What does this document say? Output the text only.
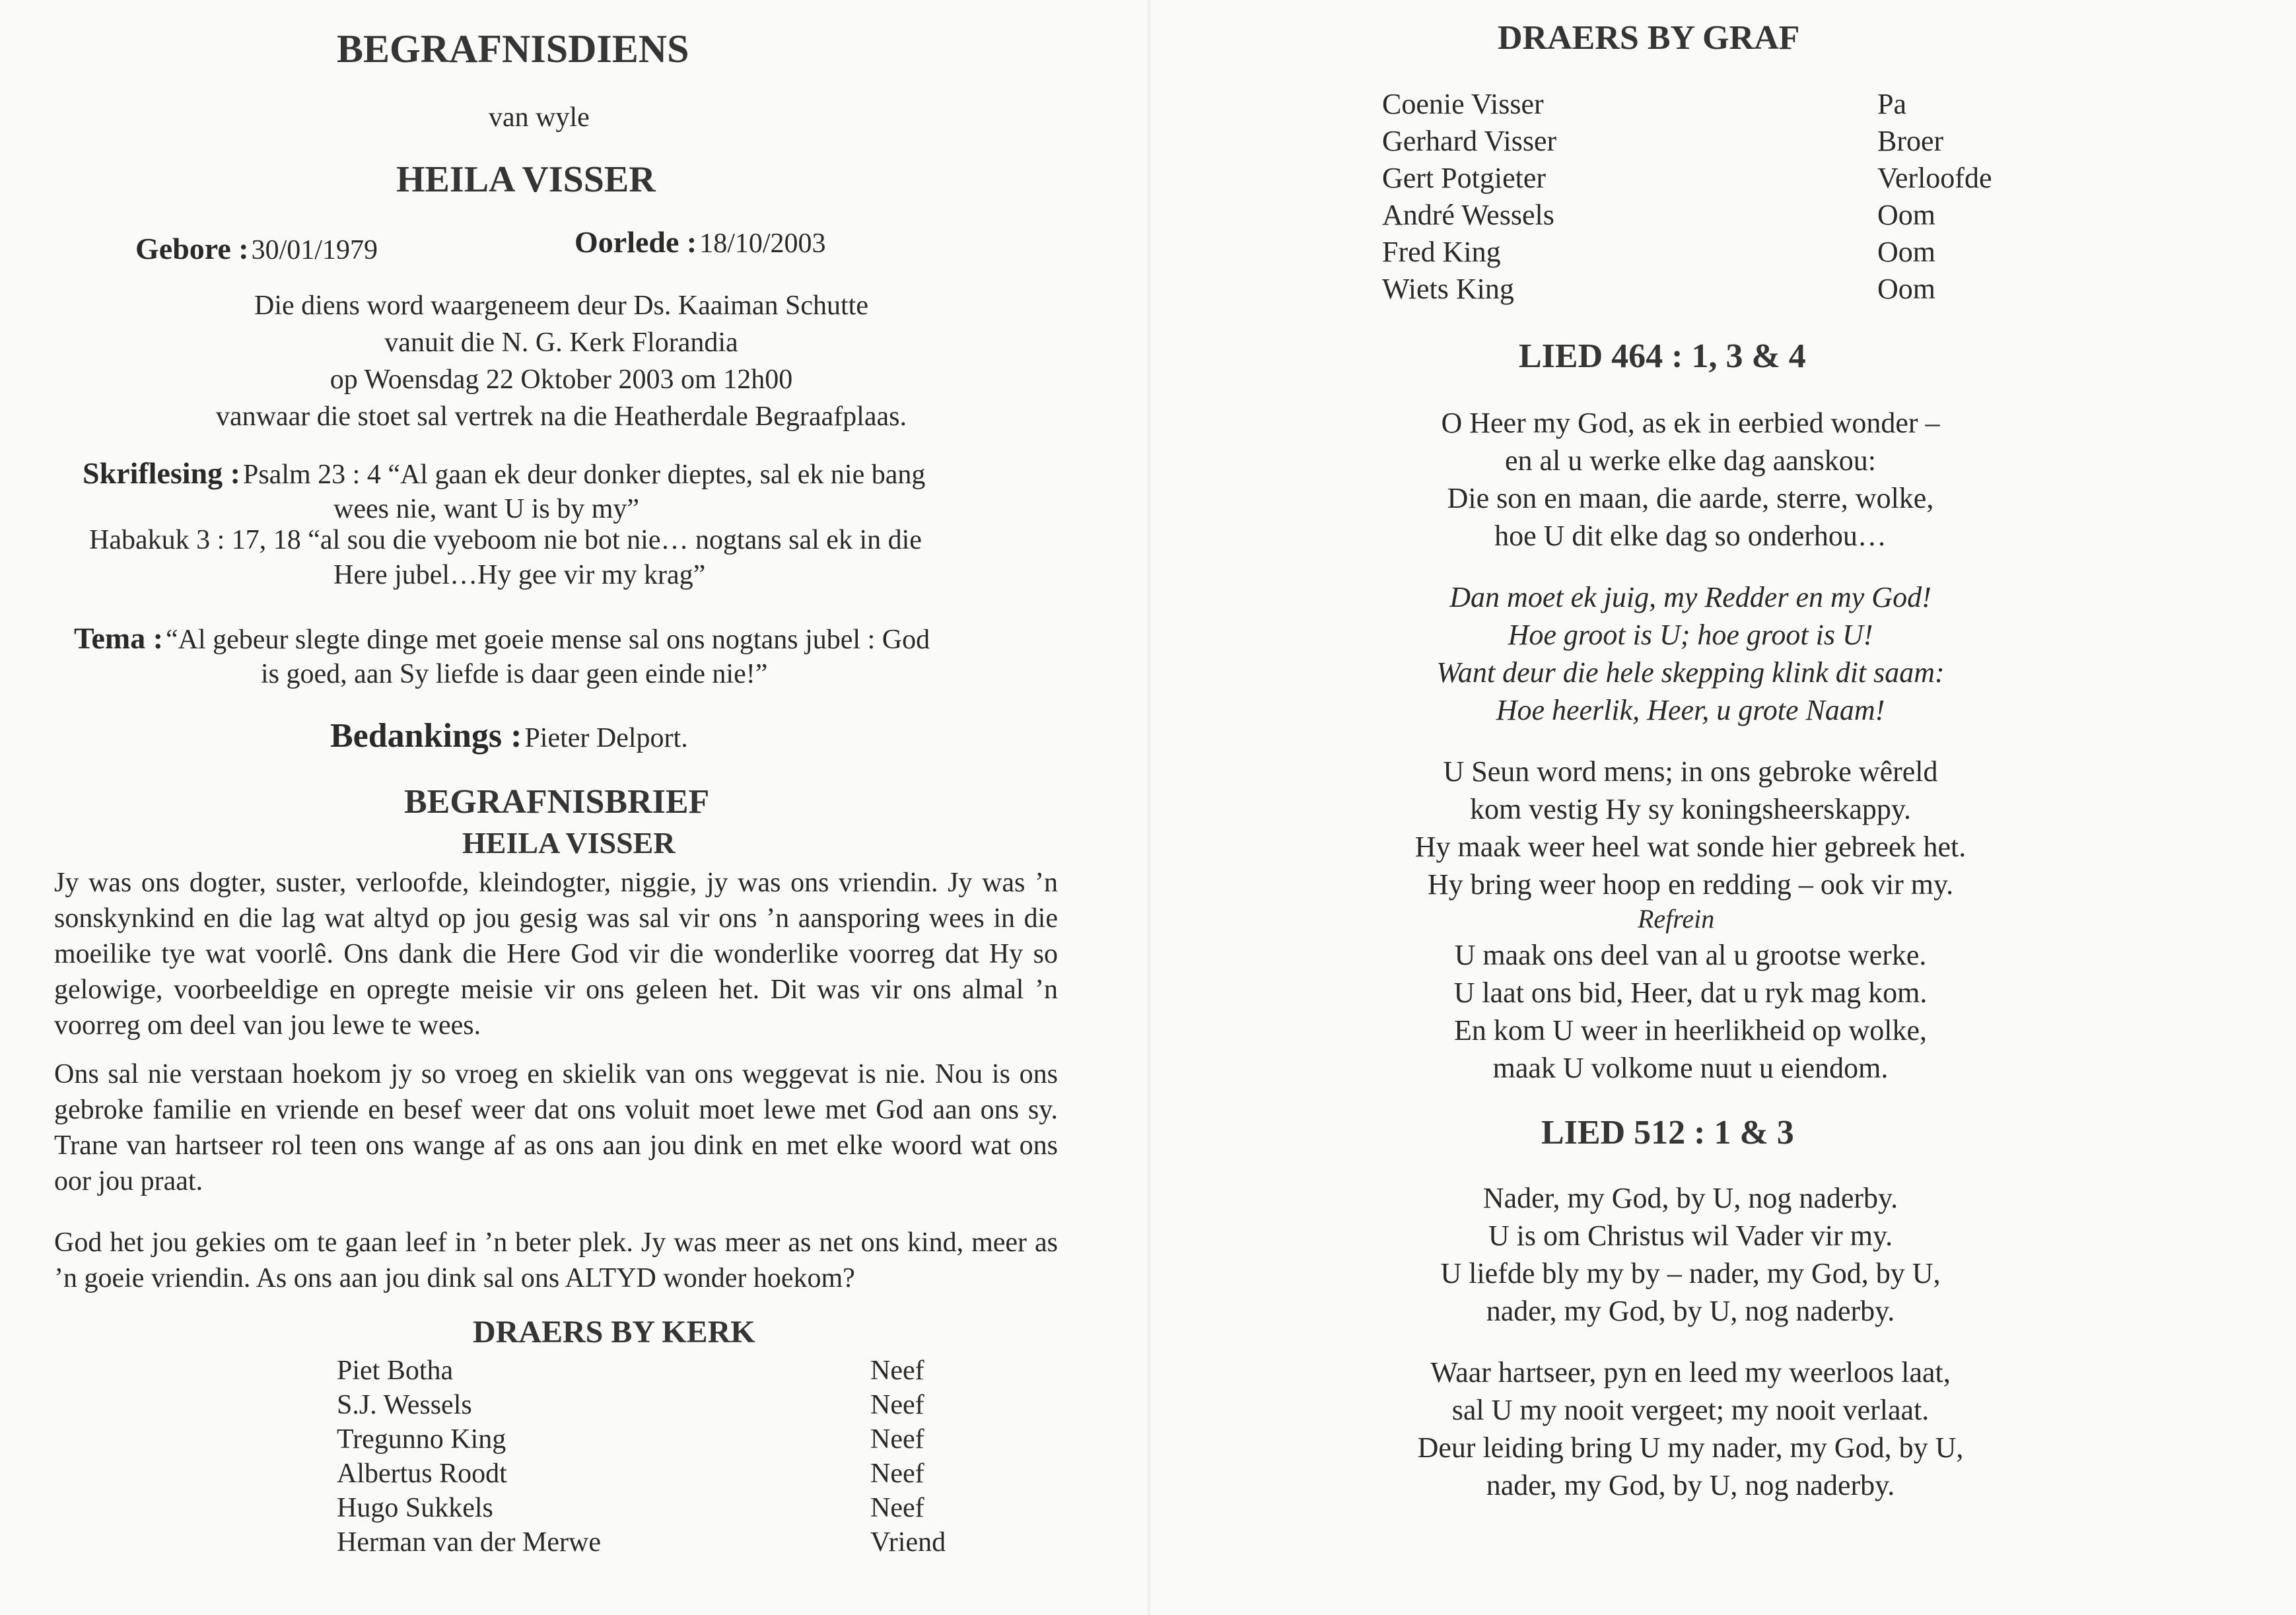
BEGRAFNISDIENS
van wyle
HEILA VISSER
Gebore : 30/01/1979	Oorlede : 18/10/2003
Die diens word waargeneem deur Ds. Kaaiman Schutte
vanuit die N. G. Kerk Florandia
op Woensdag 22 Oktober 2003 om 12h00
vanwaar die stoet sal vertrek na die Heatherdale Begraafplaas.
Skriflesing : Psalm 23 : 4 “Al gaan ek deur donker dieptes, sal ek nie bang
wees nie, want U is by my”
Habakuk 3 : 17, 18 “al sou die vyeboom nie bot nie… nogtans sal ek in die
Here jubel…Hy gee vir my krag”
Tema : “Al gebeur slegte dinge met goeie mense sal ons nogtans jubel : God
is goed, aan Sy liefde is daar geen einde nie!”
Bedankings : Pieter Delport.
BEGRAFNISBRIEF
HEILA VISSER
Jy was ons dogter, suster, verloofde, kleindogter, niggie, jy was ons vriendin. Jy was ’n sonskynkind en die lag wat altyd op jou gesig was sal vir ons ’n aansporing wees in die moeilike tye wat voorlê. Ons dank die Here God vir die wonderlike voorreg dat Hy so gelowige, voorbeeldige en opregte meisie vir ons geleen het. Dit was vir ons almal ’n voorreg om deel van jou lewe te wees.
Ons sal nie verstaan hoekom jy so vroeg en skielik van ons weggevat is nie. Nou is ons gebroke familie en vriende en besef weer dat ons voluit moet lewe met God aan ons sy. Trane van hartseer rol teen ons wange af as ons aan jou dink en met elke woord wat ons oor jou praat.
God het jou gekies om te gaan leef in ’n beter plek. Jy was meer as net ons kind, meer as ’n goeie vriendin. As ons aan jou dink sal ons ALTYD wonder hoekom?
DRAERS BY KERK
Piet Botha	Neef
S.J. Wessels	Neef
Tregunno King	Neef
Albertus Roodt	Neef
Hugo Sukkels	Neef
Herman van der Merwe	Vriend
DRAERS BY GRAF
Coenie Visser	Pa
Gerhard Visser	Broer
Gert Potgieter	Verloofde
André Wessels	Oom
Fred King	Oom
Wiets King	Oom
LIED 464 : 1, 3 & 4
O Heer my God, as ek in eerbied wonder –
en al u werke elke dag aanskou:
Die son en maan, die aarde, sterre, wolke,
hoe U dit elke dag so onderhou…
Dan moet ek juig, my Redder en my God!
Hoe groot is U; hoe groot is U!
Want deur die hele skepping klink dit saam:
Hoe heerlik, Heer, u grote Naam!
U Seun word mens; in ons gebroke wêreld
kom vestig Hy sy koningsheerskappy.
Hy maak weer heel wat sonde hier gebreek het.
Hy bring weer hoop en redding – ook vir my.
Refrein
U maak ons deel van al u grootse werke.
U laat ons bid, Heer, dat u ryk mag kom.
En kom U weer in heerlikheid op wolke,
maak U volkome nuut u eiendom.
LIED 512 : 1 & 3
Nader, my God, by U, nog naderby.
U is om Christus wil Vader vir my.
U liefde bly my by – nader, my God, by U,
nader, my God, by U, nog naderby.
Waar hartseer, pyn en leed my weerloos laat,
sal U my nooit vergeet; my nooit verlaat.
Deur leiding bring U my nader, my God, by U,
nader, my God, by U, nog naderby.
